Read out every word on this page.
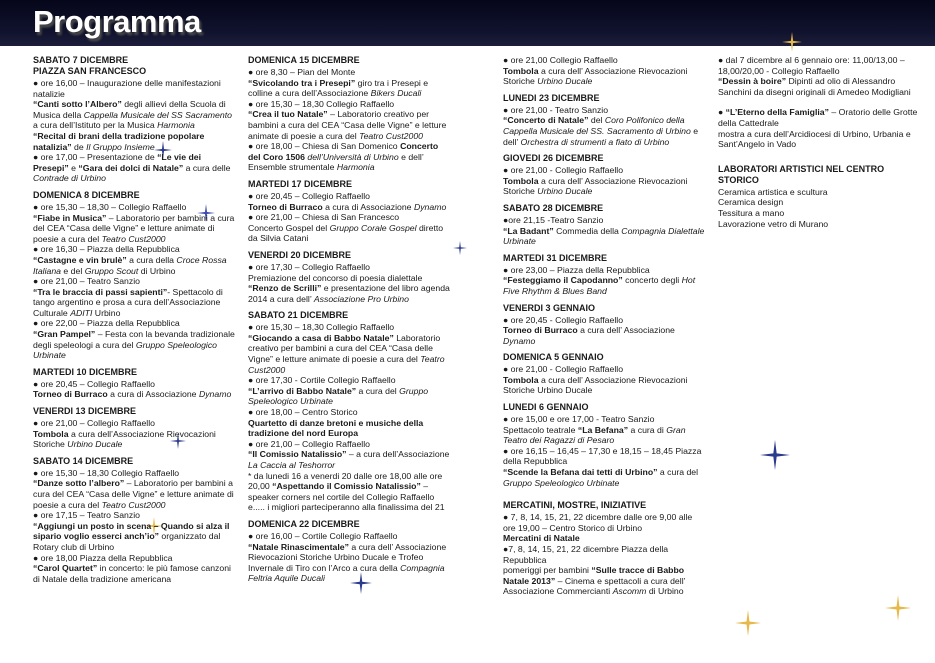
Programma
SABATO 7 DICEMBRE
PIAZZA SAN FRANCESCO

● ore 16,00 – Inaugurazione delle manifestazioni natalizie

“Canti sotto l’Albero” degli allievi della Scuola di Musica della Cappella Musicale del SS Sacramento a cura dell’Istituto per la Musica Harmonia

“Recital di brani della tradizione popolare natalizia” de Il Gruppo Insieme

● ore 17,00 – Presentazione de “Le vie dei Presepi” e “Gara dei dolci di Natale” a cura delle Contrade di Urbino

DOMENICA 8 DICEMBRE

● ore 15,30 – 18,30 – Collegio Raffaello

“Fiabe in Musica” – Laboratorio per bambini a cura del CEA “Casa delle Vigne” e letture animate di poesie a cura del Teatro Cust2000

● ore 16,30 – Piazza della Repubblica

“Castagne e vin brulè” a cura della Croce Rossa Italiana e del Gruppo Scout di Urbino

● ore 21,00 – Teatro Sanzio

“Tra le braccia di passi sapienti”- Spettacolo di tango argentino e prosa a cura dell’Associazione Culturale ADITI Urbino

● ore 22,00 – Piazza della Repubblica

“Gran Pampel” – Festa con la bevanda tradizionale degli speleologi a cura del Gruppo Speleologico Urbinate

MARTEDI 10 DICEMBRE

● ore 20,45 – Collegio Raffaello

Torneo di Burraco a cura di Associazione Dynamo

VENERDI 13 DICEMBRE

● ore 21,00 – Collegio Raffaello

Tombola a cura dell’Associazione Rievocazioni Storiche Urbino Ducale

SABATO 14 DICEMBRE

● ore 15,30 – 18,30 Collegio Raffaello

“Danze sotto l’albero” – Laboratorio per bambini a cura del CEA “Casa delle Vigne” e letture animate di poesie a cura del Teatro Cust2000

● ore 17,15 – Teatro Sanzio

“Aggiungi un posto in scena – Quando si alza il sipario voglio esserci anch’io” organizzato dal Rotary club di Urbino

● ore 18,00 Piazza della Repubblica

“Carol Quartet” in concerto: le più famose canzoni di Natale della tradizione americana

DOMENICA 15 DICEMBRE

● ore 8,30 – Pian del Monte

“Svicolando tra i Presepi” giro tra i Presepi e colline a cura dell’Associazione Bikers Ducali

● ore 15,30 – 18,30 Collegio Raffaello

“Crea il tuo Natale” – Laboratorio creativo per bambini a cura del CEA “Casa delle Vigne” e letture animate di poesie a cura del Teatro Cust2000

● ore 18,00 – Chiesa di San Domenico Concerto del Coro 1506 dell’Università di Urbino e dell’ Ensemble strumentale Harmonia

MARTEDI 17 DICEMBRE

● ore 20,45 – Collegio Raffaello

Torneo di Burraco a cura di Associazione Dynamo

● ore 21,00 – Chiesa di San Francesco

Concerto Gospel del Gruppo Corale Gospel diretto da Silvia Catani

VENERDI 20 DICEMBRE

● ore 17,30 – Collegio Raffaello

Premiazione del concorso di poesia dialettale “Renzo de Scrilli” e presentazione del libro agenda 2014 a cura dell’ Associazione Pro Urbino

SABATO 21 DICEMBRE

● ore 15,30 – 18,30 Collegio Raffaello

“Giocando a casa di Babbo Natale” Laboratorio creativo per bambini a cura del CEA “Casa delle Vigne” e letture animate di poesie a cura del Teatro Cust2000

● ore 17,30 - Cortile Collegio Raffaello

“L’arrivo di Babbo Natale” a cura del Gruppo Speleologico Urbinate

● ore 18,00 – Centro Storico

Quartetto di danze bretoni e musiche della tradizione del nord Europa

● ore 21,00 – Collegio Raffaello

“Il Comissio Natalissio” – a cura dell’Associazione La Caccia al Teshorror

* da lunedi 16 a venerdi 20 dalle ore 18,00 alle ore 20,00 “Aspettando il Comissio Natalissio” – speaker corners nel cortile del Collegio Raffaello e..... i migliori parteciperanno alla finalissima del 21

DOMENICA 22 DICEMBRE

● ore 16,00 – Cortile Collegio Raffaello

“Natale Rinascimentale” a cura dell’ Associazione Rievocazioni Storiche Urbino Ducale e Trofeo Invernale di Tiro con l’Arco a cura della Compagnia Feltria Aquile Ducali

● ore 21,00 Collegio Raffaello

Tombola a cura dell’ Associazione Rievocazioni Storiche Urbino Ducale

LUNEDI 23 DICEMBRE

● ore 21,00 - Teatro Sanzio

“Concerto di Natale” del Coro Polifonico della Cappella Musicale del SS. Sacramento di Urbino e dell’ Orchestra di strumenti a fiato di Urbino

GIOVEDI 26 DICEMBRE

● ore 21,00 - Collegio Raffaello

Tombola a cura dell’ Associazione Rievocazioni Storiche Urbino Ducale

SABATO 28 DICEMBRE

●ore 21,15 -Teatro Sanzio

“La Badant” Commedia della Compagnia Dialettale Urbinate

MARTEDI 31 DICEMBRE

● ore 23,00 – Piazza della Repubblica

“Festeggiamo il Capodanno” concerto degli Hot Five Rhythm & Blues Band

VENERDI 3 GENNAIO

● ore 20,45 - Collegio Raffaello

Torneo di Burraco a cura dell’ Associazione Dynamo

DOMENICA 5 GENNAIO

● ore 21,00 - Collegio Raffaello

Tombola a cura dell’ Associazione Rievocazioni Storiche Urbino Ducale

LUNEDI 6 GENNAIO

● ore 15,00 e ore 17,00 - Teatro Sanzio

Spettacolo teatrale “La Befana” a cura di Gran Teatro dei Ragazzi di Pesaro

● ore 16,15 – 16,45 – 17,30 e 18,15 – 18,45 Piazza della Repubblica

“Scende la Befana dai tetti di Urbino” a cura del Gruppo Speleologico Urbinate

MERCATINI, MOSTRE, INIZIATIVE

● 7, 8, 14, 15, 21, 22 dicembre dalle ore 9,00 alle ore 19,00 – Centro Storico di Urbino

Mercatini di Natale

●7, 8, 14, 15, 21, 22 dicembre Piazza della Repubblica

pomeriggi per bambini “Sulle tracce di Babbo Natale 2013” – Cinema e spettacoli a cura dell’ Associazione Commercianti Ascomm di Urbino

● dal 7 dicembre al 6 gennaio ore: 11,00/13,00 – 18,00/20,00 - Collegio Raffaello

“Dessin à boire” Dipinti ad olio di Alessandro Sanchini da disegni originali di Amedeo Modigliani

● “L’Eterno della Famiglia” – Oratorio delle Grotte della Cattedrale

mostra a cura dell’Arcidiocesi di Urbino, Urbania e Sant’Angelo in Vado

LABORATORI ARTISTICI NEL CENTRO STORICO

Ceramica artistica e scultura

Ceramica design

Tessitura a mano

Lavorazione vetro di Murano
